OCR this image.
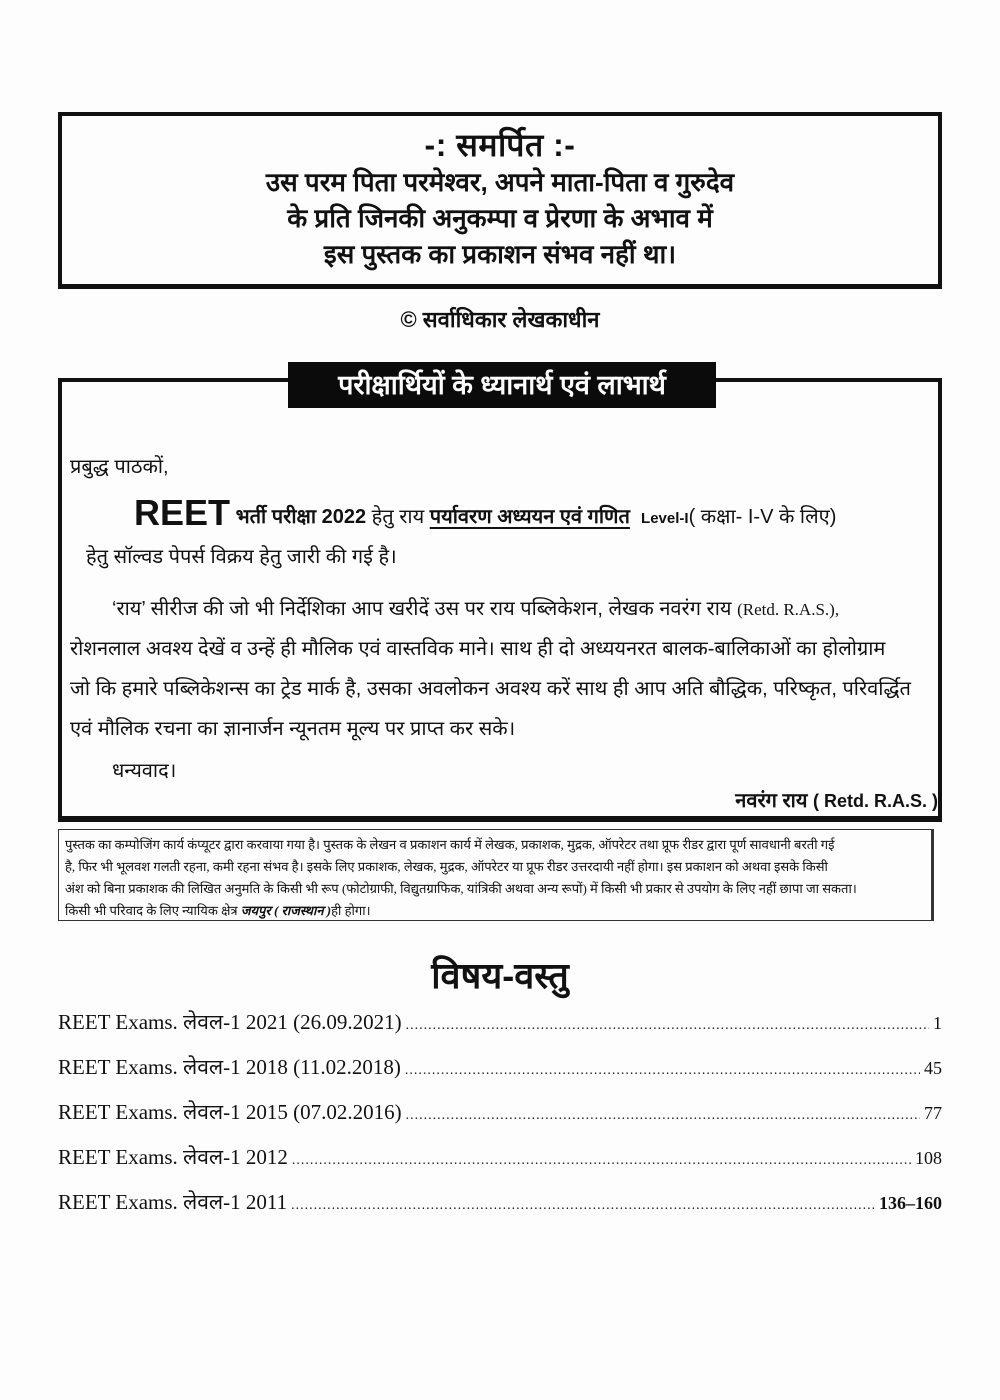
-: समर्पित :-
उस परम पिता परमेश्वर, अपने माता-पिता व गुरुदेव
के प्रति जिनकी अनुकम्पा व प्रेरणा के अभाव में
इस पुस्तक का प्रकाशन संभव नहीं था।
© सर्वाधिकार लेखकाधीन

प्रबुद्ध पाठकों,

REET भर्ती परीक्षा 2022 हेतु राय पर्यावरण अध्ययन एवं गणित Level-I( कक्षा- I-V के लिए)

हेतु सॉल्वड पेपर्स विक्रय हेतु जारी की गई है।

‘राय’ सीरीज की जो भी निर्देशिका आप खरीदें उस पर राय पब्लिकेशन, लेखक नवरंग राय (Retd. R.A.S.),

रोशनलाल अवश्य देखें व उन्हें ही मौलिक एवं वास्तविक माने। साथ ही दो अध्ययनरत बालक-बालिकाओं का होलोग्राम

जो कि हमारे पब्लिकेशन्स का ट्रेड मार्क है, उसका अवलोकन अवश्य करें साथ ही आप अति बौद्धिक, परिष्कृत, परिवर्द्धित

एवं मौलिक रचना का ज्ञानार्जन न्यूनतम मूल्य पर प्राप्त कर सके।

धन्यवाद।

नवरंग राय ( Retd. R.A.S. )

परीक्षार्थियों के ध्यानार्थ एवं लाभार्थ
पुस्तक का कम्पोजिंग कार्य कंप्यूटर द्वारा करवाया गया है। पुस्तक के लेखन व प्रकाशन कार्य में लेखक, प्रकाशक, मुद्रक, ऑपरेटर तथा प्रूफ रीडर द्वारा पूर्ण सावधानी बरती गई
है, फिर भी भूलवश गलती रहना, कमी रहना संभव है। इसके लिए प्रकाशक, लेखक, मुद्रक, ऑपरेटर या प्रूफ रीडर उत्तरदायी नहीं होगा। इस प्रकाशन को अथवा इसके किसी
अंश को बिना प्रकाशक की लिखित अनुमति के किसी भी रूप (फोटोग्राफी, विद्युतग्राफिक, यांत्रिकी अथवा अन्य रूपों) में किसी भी प्रकार से उपयोग के लिए नहीं छापा जा सकता।
किसी भी परिवाद के लिए न्यायिक क्षेत्र जयपुर ( राजस्थान )ही होगा।
विषय-वस्तु
REET Exams. लेवल-1 2021 (26.09.2021) .....	1
REET Exams. लेवल-1 2018 (11.02.2018) .....	45
REET Exams. लेवल-1 2015 (07.02.2016) .....	77
REET Exams. लेवल-1 2012 .....	108
REET Exams. लेवल-1 2011 .....	136–160
